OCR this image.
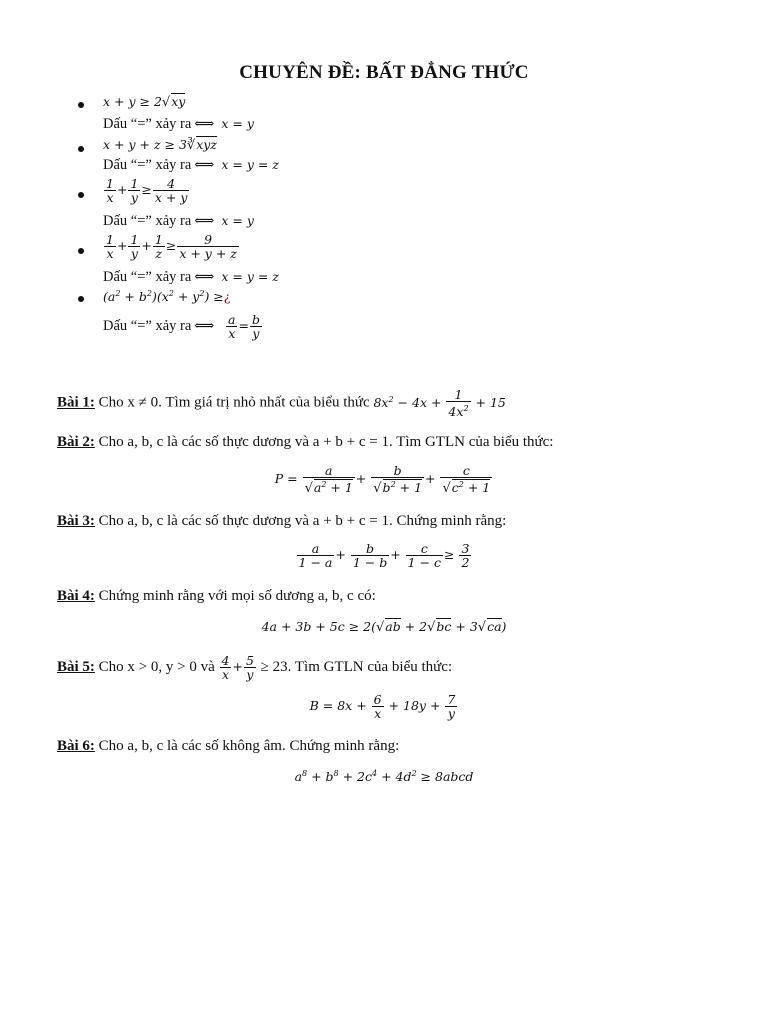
CHUYÊN ĐỀ: BẤT ĐẲNG THỨC
x + y ≥ 2√xy
Dấu “=” xảy ra ⟺ x = y
x + y + z ≥ 3∛xyz
Dấu “=” xảy ra ⟺ x = y = z
$\frac{1}{x} + \frac{1}{y} \ge \frac{4}{x + y}$
Dấu “=” xảy ra ⟺ x = y
$\frac{1}{x} + \frac{1}{y} + \frac{1}{z} \ge \frac{9}{x + y + z}$
Dấu “=” xảy ra ⟺ x = y = z
$(a^2 + b^2)(x^2 + y^2)$ ≥¿
Dấu “=” xảy ra ⟺ $\frac{a}{x} = \frac{b}{y}$
Bài 1: Cho x ≠ 0. Tìm giá trị nhỏ nhất của biểu thức $8x^2 - 4x + \frac{1}{4x^2} + 15$
Bài 2: Cho a, b, c là các số thực dương và a + b + c = 1. Tìm GTLN của biểu thức:
$P = \frac{a}{√a^2 + 1} + \frac{b}{√b^2 + 1} + \frac{c}{√c^2 + 1}$
Bài 3: Cho a, b, c là các số thực dương và a + b + c = 1. Chứng minh rằng:
$\frac{a}{1 - a} + \frac{b}{1 - b} + \frac{c}{1 - c} \ge \frac{3}{2}$
Bài 4: Chứng minh rằng với mọi số dương a, b, c có:
4a + 3b + 5c ≥ 2(√ab + 2√bc + 3√ca)
Bài 5: Cho x > 0, y > 0 và $\frac{4}{x} + \frac{5}{y} \ge 23$. Tìm GTLN của biểu thức:
$B = 8x + \frac{6}{x} + 18y + \frac{7}{y}$
Bài 6: Cho a, b, c là các số không âm. Chứng minh rằng:
$a^8 + b^8 + 2c^4 + 4d^2$ ≥ 8abcd
